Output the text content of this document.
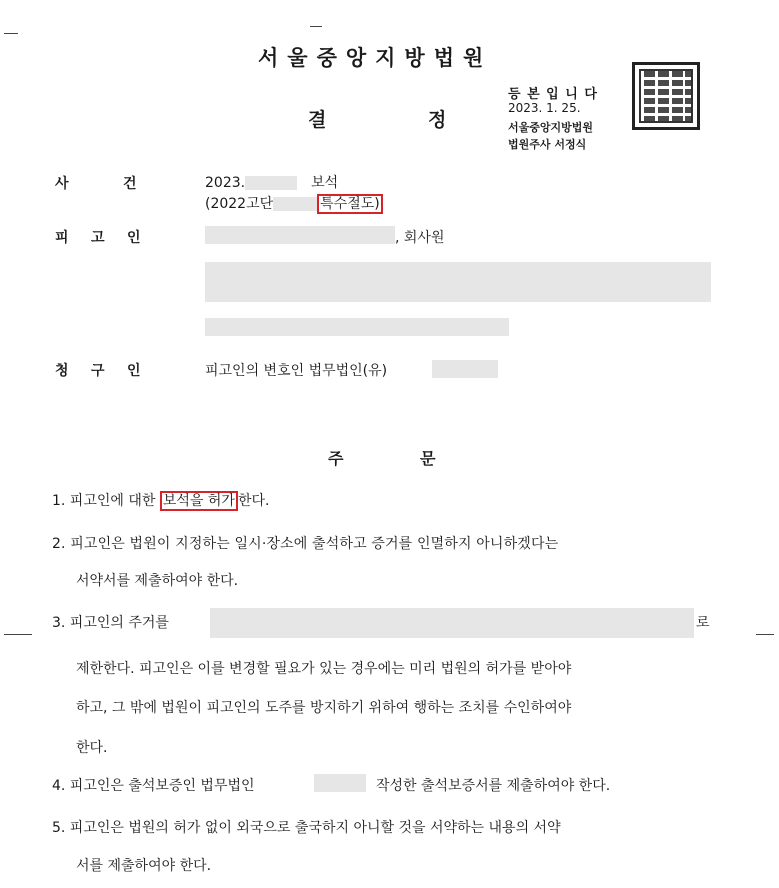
서울중앙지방법원
결	정
등 본 입 니 다
2023. 1. 25.
서울중앙지방법원
법원주사 서정식
사	건	2023.	보석
(2022고단	특수절도)
피 고 인	, 회사원
청 구 인	피고인의 변호인 법무법인(유)
주	문
1. 피고인에 대한 보석을 허가 한다.
2. 피고인은 법원이 지정하는 일시·장소에 출석하고 증거를 인멸하지 아니하겠다는
서약서를 제출하여야 한다.
3. 피고인의 주거를	로
제한한다. 피고인은 이를 변경할 필요가 있는 경우에는 미리 법원의 허가를 받아야
하고, 그 밖에 법원이 피고인의 도주를 방지하기 위하여 행하는 조치를 수인하여야
한다.
4. 피고인은 출석보증인 법무법인	작성한 출석보증서를 제출하여야 한다.
5. 피고인은 법원의 허가 없이 외국으로 출국하지 아니할 것을 서약하는 내용의 서약
서를 제출하여야 한다.
